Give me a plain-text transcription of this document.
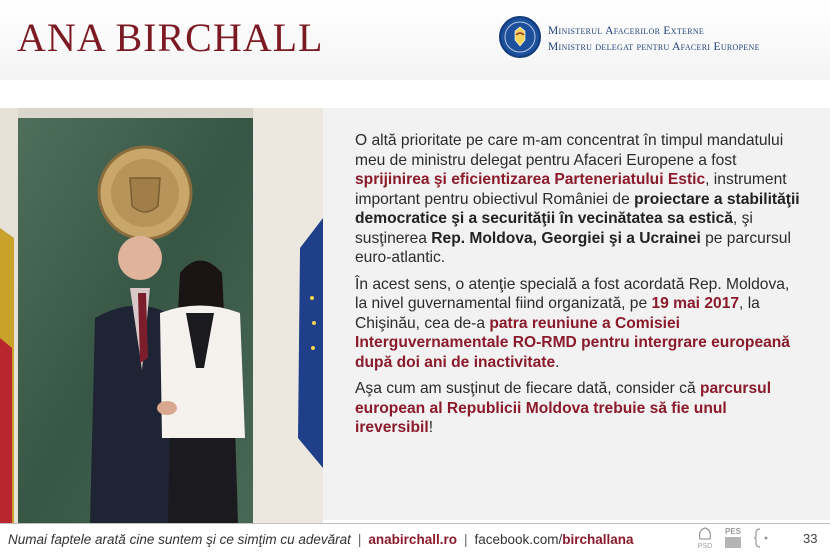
ANA BIRCHALL	Ministerul Afacerilor Externe
Ministru delegat pentru Afaceri Europene

O altă prioritate pe care m-am concentrat în timpul mandatului meu de ministru delegat pentru Afaceri Europene a fost sprijinirea şi eficientizarea Parteneriatului Estic, instrument important pentru obiectivul României de proiectare a stabilităţii democratice şi a securităţii în vecinătatea sa estică, şi susţinerea Rep. Moldova, Georgiei şi a Ucrainei pe parcursul euro-atlantic.

În acest sens, o atenţie specială a fost acordată Rep. Moldova, la nivel guvernamental fiind organizată, pe 19 mai 2017, la Chişinău, cea de-a patra reuniune a Comisiei Interguvernamentale RO-RMD pentru intergrare europeană după doi ani de inactivitate.

Aşa cum am susţinut de fiecare dată, consider că parcursul european al Republicii Moldova trebuie să fie unul ireversibil!

Numai faptele arată cine suntem şi ce simţim cu adevărat | anabirchall.ro | facebook.com/birchallana	PSD
PES	33
